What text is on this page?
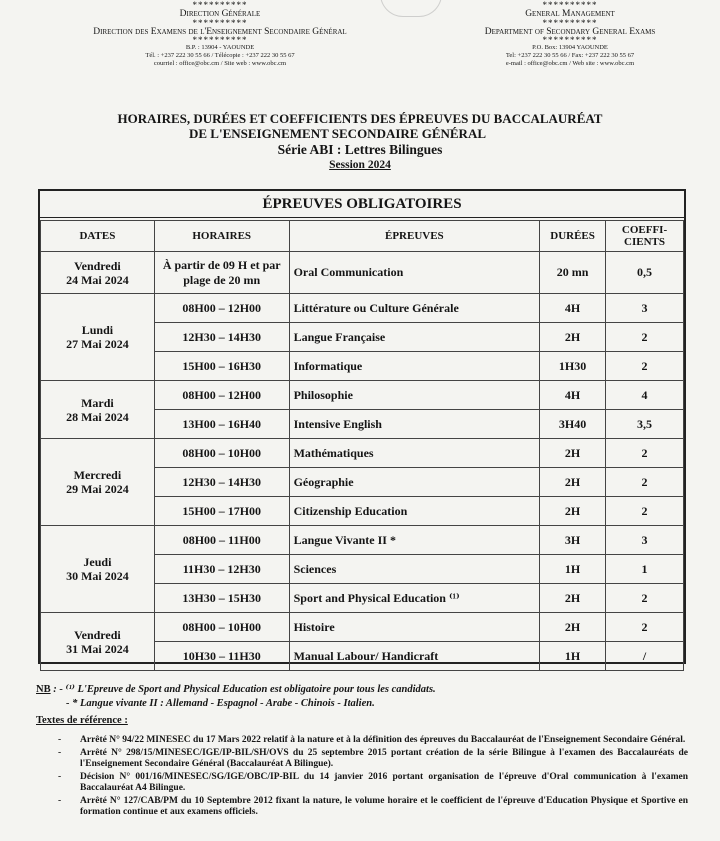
**********
Direction Générale
**********
Direction des Examens de l'Enseignement Secondaire Général
**********
B.P. : 13904 - YAOUNDE
Tél. : +237 222 30 55 66 / Télécopie : +237 222 30 55 67
courriel : office@obc.cm / Site web : www.obc.cm
**********
General Management
**********
Department of Secondary General Exams
**********
P.O. Box: 13904 YAOUNDE
Tel: +237 222 30 55 66 / Fax: +237 222 30 55 67
e-mail : office@obc.cm / Web site : www.obc.cm
HORAIRES, DURÉES ET COEFFICIENTS DES ÉPREUVES DU BACCALAURÉAT
DE L'ENSEIGNEMENT SECONDAIRE GÉNÉRAL
Série ABI : Lettres Bilingues
Session 2024
ÉPREUVES OBLIGATOIRES
DATES	HORAIRES	ÉPREUVES	DURÉES	COEFFI-CIENTS

Vendredi
24 Mai 2024	À partir de 09 H et par plage de 20 mn	Oral Communication	20 mn	0,5

Lundi
27 Mai 2024	08H00 – 12H00	Littérature ou Culture Générale	4H	3
	12H30 – 14H30	Langue Française	2H	2
	15H00 – 16H30	Informatique	1H30	2

Mardi
28 Mai 2024	08H00 – 12H00	Philosophie	4H	4
	13H00 – 16H40	Intensive English	3H40	3,5

Mercredi
29 Mai 2024	08H00 – 10H00	Mathématiques	2H	2
	12H30 – 14H30	Géographie	2H	2
	15H00 – 17H00	Citizenship Education	2H	2

Jeudi
30 Mai 2024	08H00 – 11H00	Langue Vivante II *	3H	3
	11H30 – 12H30	Sciences	1H	1
	13H30 – 15H30	Sport and Physical Education ⁽¹⁾	2H	2

Vendredi
31 Mai 2024	08H00 – 10H00	Histoire	2H	2
	10H30 – 11H30	Manual Labour/ Handicraft	1H	/
NB : - ⁽¹⁾ L'Epreuve de Sport and Physical Education est obligatoire pour tous les candidats.
- * Langue vivante II : Allemand - Espagnol - Arabe - Chinois - Italien.
Textes de référence :
- Arrêté N° 94/22 MINESEC du 17 Mars 2022 relatif à la nature et à la définition des épreuves du Baccalauréat de l'Enseignement Secondaire Général.
- Arrêté N° 298/15/MINESEC/IGE/IP-BIL/SH/OVS du 25 septembre 2015 portant création de la série Bilingue à l'examen des Baccalauréats de l'Enseignement Secondaire Général (Baccalauréat A Bilingue).
- Décision N° 001/16/MINESEC/SG/IGE/OBC/IP-BIL du 14 janvier 2016 portant organisation de l'épreuve d'Oral communication à l'examen Baccalauréat A4 Bilingue.
- Arrêté N° 127/CAB/PM du 10 Septembre 2012 fixant la nature, le volume horaire et le coefficient de l'épreuve d'Education Physique et Sportive en formation continue et aux examens officiels.
